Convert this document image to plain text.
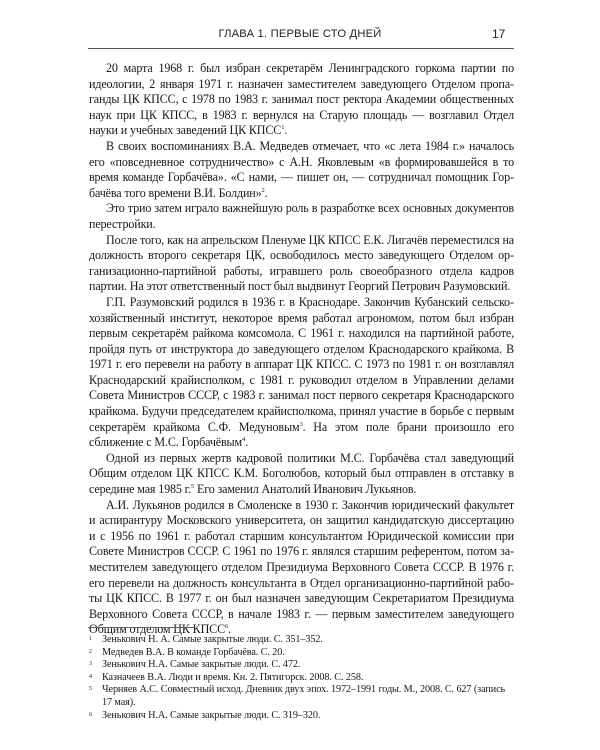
ГЛАВА 1. ПЕРВЫЕ СТО ДНЕЙ	17

20 марта 1968 г. был избран секретарём Ленинградского горкома партии по идеологии, 2 января 1971 г. назначен заместителем заведующего Отделом пропаганды ЦК КПСС, с 1978 по 1983 г. занимал пост ректора Академии общественных наук при ЦК КПСС, в 1983 г. вернулся на Старую площадь — возглавил Отдел науки и учебных заведений ЦК КПСС$^1$.

В своих воспоминаниях В.А. Медведев отмечает, что «с лета 1984 г.» началось его «повседневное сотрудничество» с А.Н. Яковлевым «в формировавшейся в то время команде Горбачёва». «С нами, — пишет он, — сотрудничал помощник Горбачёва того времени В.И. Болдин»$^2$.

Это трио затем играло важнейшую роль в разработке всех основных документов перестройки.

После того, как на апрельском Пленуме ЦК КПСС Е.К. Лигачёв переместился на должность второго секретаря ЦК, освободилось место заведующего Отделом организационно-партийной работы, игравшего роль своеобразного отдела кадров партии. На этот ответственный пост был выдвинут Георгий Петрович Разумовский.

Г.П. Разумовский родился в 1936 г. в Краснодаре. Закончив Кубанский сельскохозяйственный институт, некоторое время работал агрономом, потом был избран первым секретарём райкома комсомола. С 1961 г. находился на партийной работе, пройдя путь от инструктора до заведующего отделом Краснодарского крайкома. В 1971 г. его перевели на работу в аппарат ЦК КПСС. С 1973 по 1981 г. он возглавлял Краснодарский крайисполком, с 1981 г. руководил отделом в Управлении делами Совета Министров СССР, с 1983 г. занимал пост первого секретаря Краснодарского крайкома. Будучи председателем крайисполкома, принял участие в борьбе с первым секретарём крайкома С.Ф. Медуновым$^3$. На этом поле брани произошло его сближение с М.С. Горбачёвым$^4$.

Одной из первых жертв кадровой политики М.С. Горбачёва стал заведующий Общим отделом ЦК КПСС К.М. Боголюбов, который был отправлен в отставку в середине мая 1985 г.$^5$ Его заменил Анатолий Иванович Лукьянов.

А.И. Лукьянов родился в Смоленске в 1930 г. Закончив юридический факультет и аспирантуру Московского университета, он защитил кандидатскую диссертацию и с 1956 по 1961 г. работал старшим консультантом Юридической комиссии при Совете Министров СССР. С 1961 по 1976 г. являлся старшим референтом, потом заместителем заведующего отделом Президиума Верховного Совета СССР. В 1976 г. его перевели на должность консультанта в Отдел организационно-партийной работы ЦК КПСС. В 1977 г. он был назначен заведующим Секретариатом Президиума Верховного Совета СССР, в начале 1983 г. — первым заместителем заведующего Общим отделом ЦК КПСС$^6$.

1 Зенькович Н. А. Самые закрытые люди. С. 351–352.
2 Медведев В.А. В команде Горбачёва. С. 20.
3 Зенькович Н.А. Самые закрытые люди. С. 472.
4 Казначеев В.А. Люди и время. Кн. 2. Пятигорск. 2008. С. 258.
5 Черняев А.С. Совместный исход. Дневник двух эпох. 1972–1991 годы. М., 2008. С. 627 (запись 17 мая).
6 Зенькович Н.А. Самые закрытые люди. С. 319–320.
